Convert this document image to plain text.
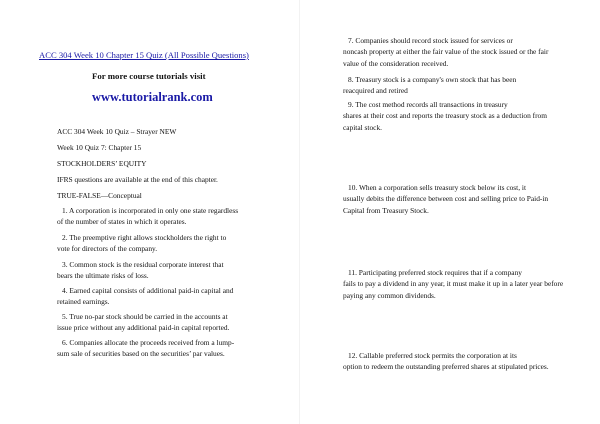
ACC 304 Week 10 Chapter 15 Quiz (All Possible Questions)
For more course tutorials visit
www.tutorialrank.com
ACC 304 Week 10 Quiz – Strayer NEW
Week 10 Quiz 7: Chapter 15
STOCKHOLDERS’ EQUITY
IFRS questions are available at the end of this chapter.
TRUE-FALSE—Conceptual
1. A corporation is incorporated in only one state regardless
of the number of states in which it operates.
2. The preemptive right allows stockholders the right to
vote for directors of the company.
3. Common stock is the residual corporate interest that
bears the ultimate risks of loss.
4. Earned capital consists of additional paid-in capital and
retained earnings.
5. True no-par stock should be carried in the accounts at
issue price without any additional paid-in capital reported.
6. Companies allocate the proceeds received from a lump-
sum sale of securities based on the securities’ par values.
7. Companies should record stock issued for services or
noncash property at either the fair value of the stock issued or the fair value of the consideration received.
8. Treasury stock is a company's own stock that has been
reacquired and retired
9. The cost method records all transactions in treasury
shares at their cost and reports the treasury stock as a deduction from capital stock.
10. When a corporation sells treasury stock below its cost, it
usually debits the difference between cost and selling price to Paid-in Capital from Treasury Stock.
11. Participating preferred stock requires that if a company
fails to pay a dividend in any year, it must make it up in a later year before paying any common dividends.
12. Callable preferred stock permits the corporation at its
option to redeem the outstanding preferred shares at stipulated prices.
